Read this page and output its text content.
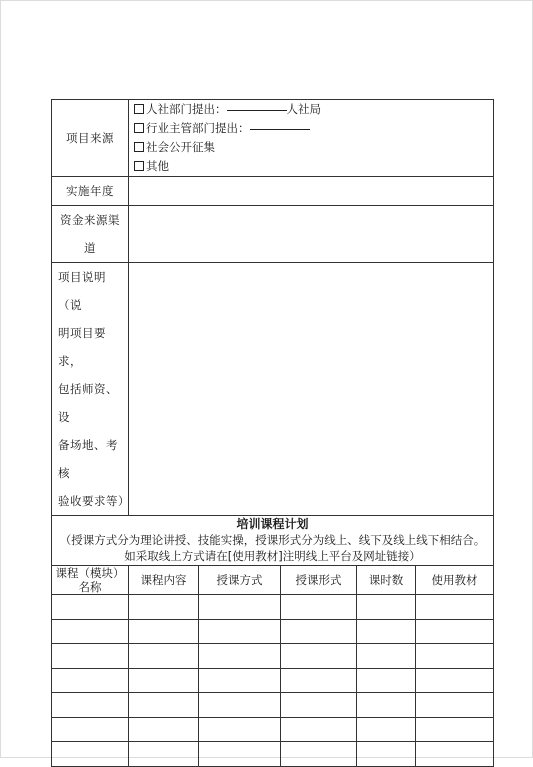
项目来源	人社部门提出： 人社局
行业主管部门提出：
社会公开征集
其他				

实施年度					

资金来源渠
道					

项目说明（说
明项目要求，
包括师资、设
备场地、考核
验收要求等）					

培训课程计划
（授课方式分为理论讲授、技能实操，授课形式分为线上、线下及线上线下相结合。如采取线上方式请在[使用教材]注明线上平台及网址链接）					

课程（模块）名称	课程内容	授课方式	授课形式	课时数	使用教材
